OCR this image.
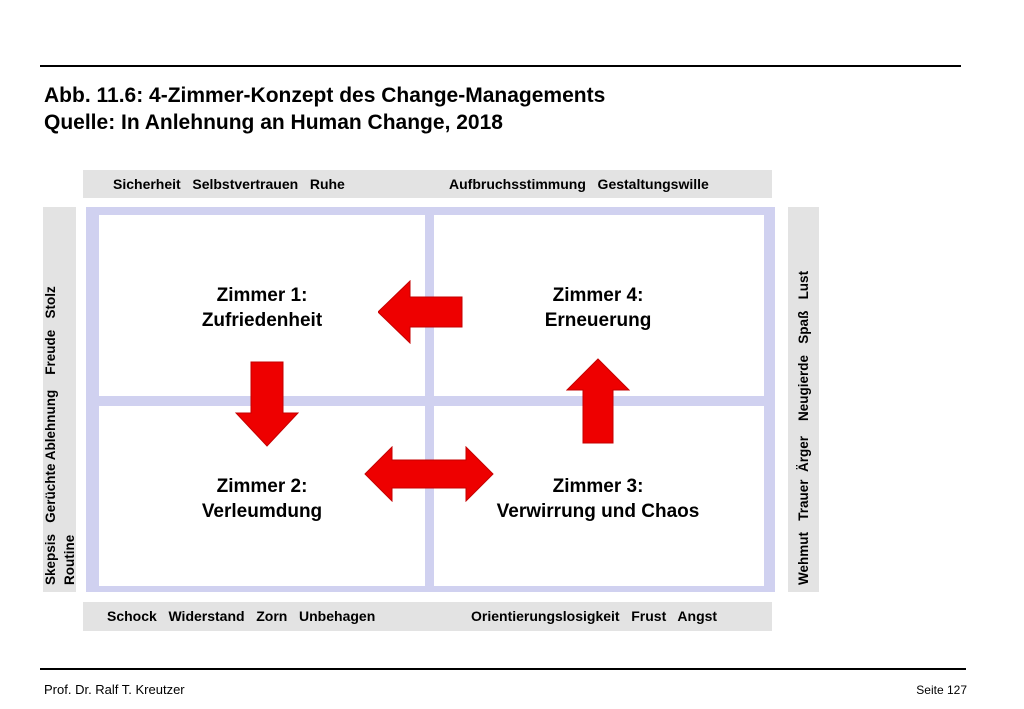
Abb. 11.6: 4-Zimmer-Konzept des Change-Managements
Quelle: In Anlehnung an Human Change, 2018
Sicherheit   Selbstvertrauen   Ruhe	Aufbruchsstimmung   Gestaltungswille
Schock   Widerstand   Zorn   Unbehagen	Orientierungslosigkeit   Frust   Angst
Skepsis   Gerüchte Ablehnung    Freude   Stolz Routine	Wehmut   Trauer  Ärger    Neugierde   Spaß   Lust
Zimmer 1:
Zufriedenheit
Zimmer 4:
Erneuerung
Zimmer 2:
Verleumdung
Zimmer 3:
Verwirrung und Chaos
Prof. Dr. Ralf T. Kreutzer	Seite 127
